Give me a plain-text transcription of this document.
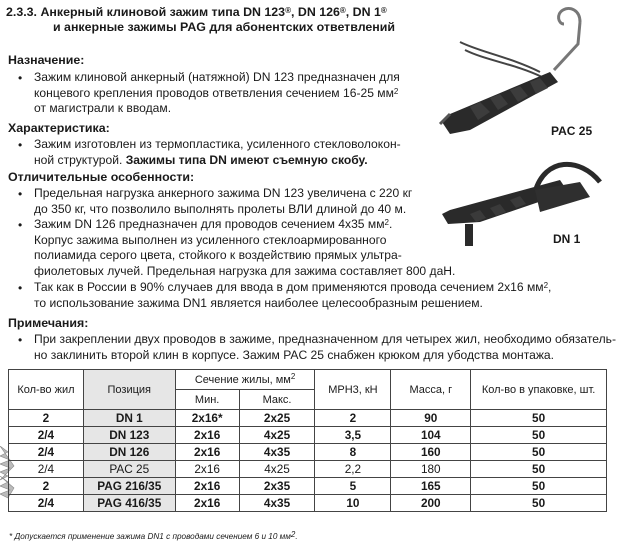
2.3.3. Анкерный клиновой зажим типа DN 123®, DN 126®, DN 1®
и анкерные зажимы PAG для абонентских ответвлений
Назначение:
• Зажим клиновой анкерный (натяжной) DN 123 предназначен для
концевого крепления проводов ответвления сечением 16-25 $мм^2$
от магистрали к вводам.
Характеристика:
• Зажим изготовлен из термопластика, усиленного стекловолокон-
ной структурой. Зажимы типа DN имеют съемную скобу.
Отличительные особенности:
• Предельная нагрузка анкерного зажима DN 123 увеличена с 220 кг
до 350 кг, что позволило выполнять пролеты ВЛИ длиной до 40 м.
• Зажим DN 126 предназначен для проводов сечением 4х35 $мм^2$.
Корпус зажима выполнен из усиленного стеклоармированного
полиамида серого цвета, стойкого к воздействию прямых ультра-
фиолетовых лучей. Предельная нагрузка для зажима составляет 800 даН.
• Так как в России в 90% случаев для ввода в дом применяются провода сечением 2х16 $мм^2$,
то использование зажима DN1 является наиболее целесообразным решением.
Примечания:
• При закреплении двух проводов в зажиме, предназначенном для четырех жил, необходимо обязатель-
но заклинить второй клин в корпусе. Зажим PAC 25 снабжен крюком для убодства монтажа.
PAC 25
DN 1
Кол-во жил	Позиция	Сечение жилы, $мм^2$		МРН3, кН	Масса, г	Кол-во в упаковке, шт.
		Мин.	Макс.			
2	DN 1	2х16*	2х25	2	90	50
2/4	DN 123	2х16	4х25	3,5	104	50
2/4	DN 126	2х16	4х35	8	160	50
2/4	PAC 25	2х16	4х25	2,2	180	50
2	PAG 216/35	2х16	2х35	5	165	50
2/4	PAG 416/35	2х16	4х35	10	200	50
* Допускается применение зажима DN1 с проводами сечением 6 и 10 $мм^2$.
